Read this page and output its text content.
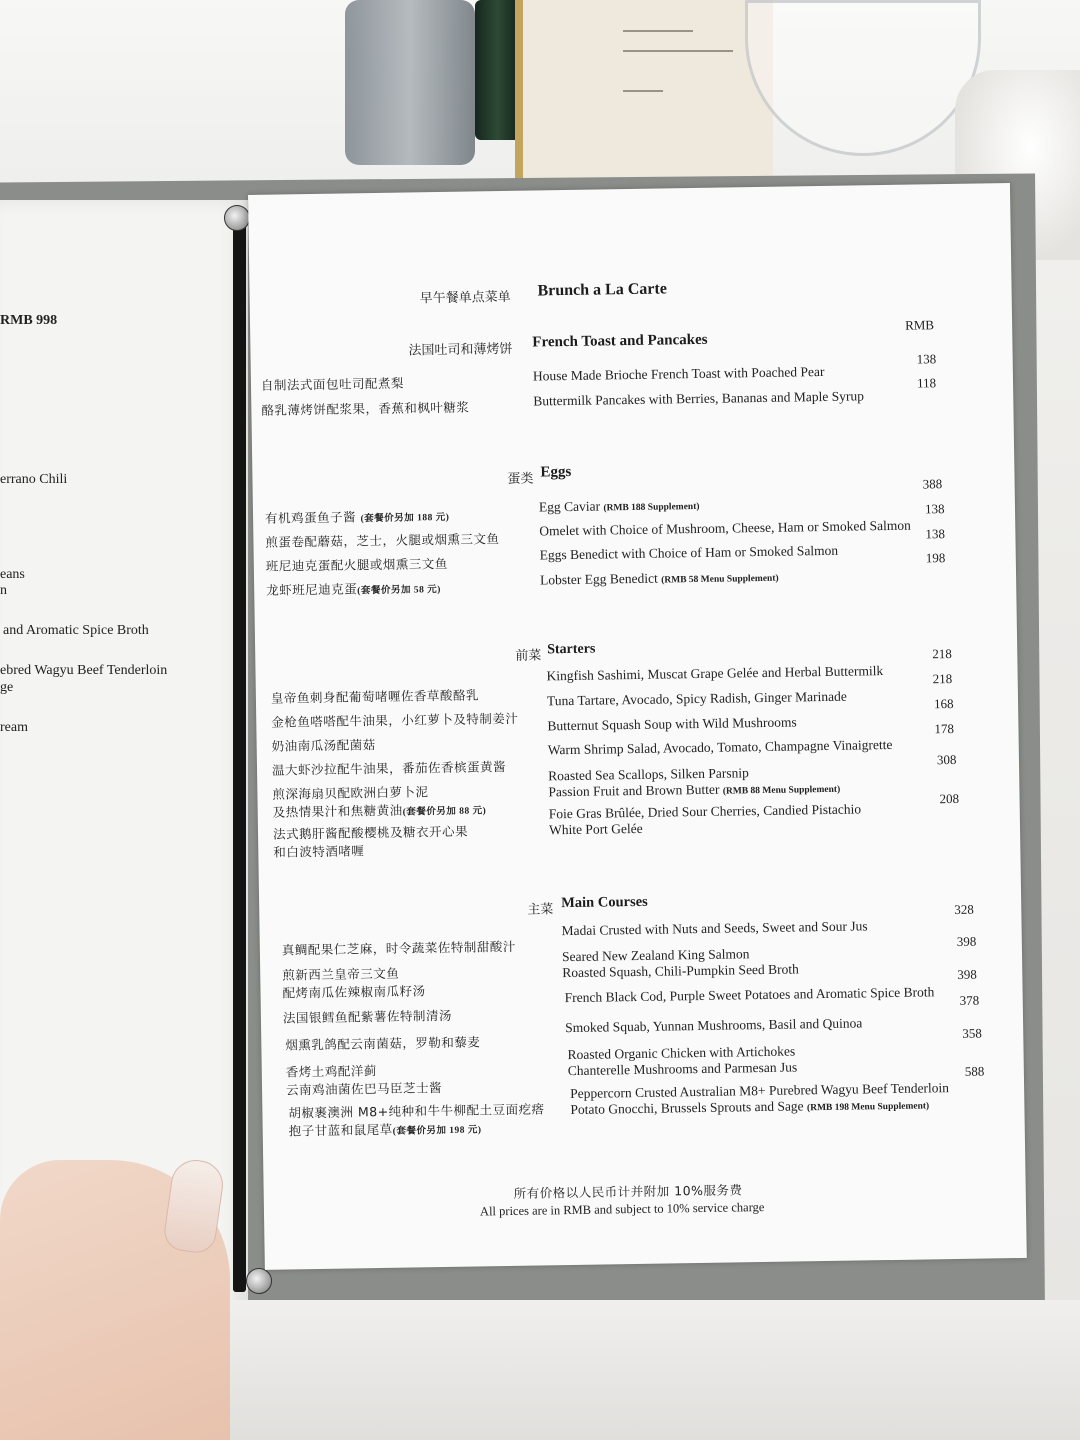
RMB 998
errano Chili
eans
n
and Aromatic Spice Broth
ebred Wagyu Beef Tenderloin
ge
ream
早午餐单点菜单 Brunch a La Carte
RMB
法国吐司和薄烤饼 French Toast and Pancakes
自制法式面包吐司配煮梨
House Made Brioche French Toast with Poached Pear
138
酪乳薄烤饼配浆果，香蕉和枫叶糖浆
Buttermilk Pancakes with Berries, Bananas and Maple Syrup
118
蛋类 Eggs
有机鸡蛋鱼子酱 (套餐价另加 188 元)
Egg Caviar (RMB 188 Supplement)
388
煎蛋卷配蘑菇，芝士，火腿或烟熏三文鱼
Omelet with Choice of Mushroom, Cheese, Ham or Smoked Salmon
138
班尼迪克蛋配火腿或烟熏三文鱼
Eggs Benedict with Choice of Ham or Smoked Salmon
138
龙虾班尼迪克蛋(套餐价另加 58 元)
Lobster Egg Benedict (RMB 58 Menu Supplement)
198
前菜 Starters
皇帝鱼刺身配葡萄啫喱佐香草酸酪乳
Kingfish Sashimi, Muscat Grape Gelée and Herbal Buttermilk
218
金枪鱼嗒嗒配牛油果，小红萝卜及特制姜汁
Tuna Tartare, Avocado, Spicy Radish, Ginger Marinade
218
奶油南瓜汤配菌菇
Butternut Squash Soup with Wild Mushrooms
168
温大虾沙拉配牛油果，番茄佐香槟蛋黄酱
Warm Shrimp Salad, Avocado, Tomato, Champagne Vinaigrette
178
煎深海扇贝配欧洲白萝卜泥
及热情果汁和焦糖黄油(套餐价另加 88 元)
Roasted Sea Scallops, Silken Parsnip
Passion Fruit and Brown Butter (RMB 88 Menu Supplement)
308
法式鹅肝酱配酸樱桃及糖衣开心果
和白波特酒啫喱
Foie Gras Brûlée, Dried Sour Cherries, Candied Pistachio
White Port Gelée
208
主菜 Main Courses
真鲷配果仁芝麻，时令蔬菜佐特制甜酸汁
Madai Crusted with Nuts and Seeds, Sweet and Sour Jus
328
煎新西兰皇帝三文鱼
配烤南瓜佐辣椒南瓜籽汤
Seared New Zealand King Salmon
Roasted Squash, Chili-Pumpkin Seed Broth
398
法国银鳕鱼配紫薯佐特制清汤
French Black Cod, Purple Sweet Potatoes and Aromatic Spice Broth
398
烟熏乳鸽配云南菌菇，罗勒和藜麦
Smoked Squab, Yunnan Mushrooms, Basil and Quinoa
378
香烤土鸡配洋蓟
云南鸡油菌佐巴马臣芝士酱
Roasted Organic Chicken with Artichokes
Chanterelle Mushrooms and Parmesan Jus
358
胡椒裹澳洲 M8+纯种和牛牛柳配土豆面疙瘩
抱子甘蓝和鼠尾草(套餐价另加 198 元)
Peppercorn Crusted Australian M8+ Purebred Wagyu Beef Tenderloin
Potato Gnocchi, Brussels Sprouts and Sage (RMB 198 Menu Supplement)
588
所有价格以人民币计并附加 10%服务费
All prices are in RMB and subject to 10% service charge
